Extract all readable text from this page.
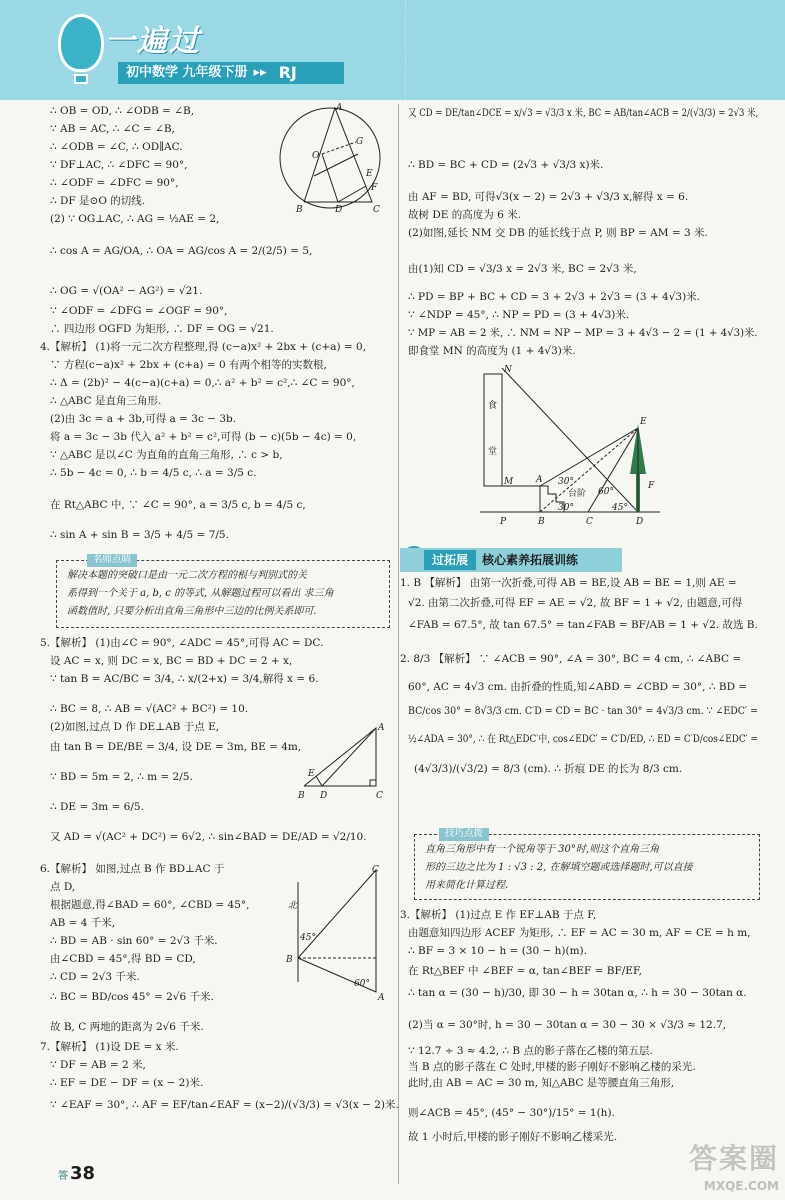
一遍过
初中数学 九年级下册 ▸▸ RJ
∴ OB = OD, ∴ ∠ODB = ∠B,
∵ AB = AC, ∴ ∠C = ∠B,
∴ ∠ODB = ∠C, ∴ OD∥AC.
∵ DF⊥AC, ∴ ∠DFC = 90°,
∴ ∠ODF = ∠DFC = 90°,
∴ DF 是⊙O 的切线.
(2) ∵ OG⊥AC, ∴ AG = ½AE = 2,
∴ cos A = AG/OA, ∴ OA = AG/cos A = 2/(2/5) = 5,
∴ OG = √(OA² − AG²) = √21.
∵ ∠ODF = ∠DFG = ∠OGF = 90°,
∴ 四边形 OGFD 为矩形, ∴ DF = OG = √21.
4.【解析】 (1)将一元二次方程整理,得 (c−a)x² + 2bx + (c+a) = 0,
∵ 方程(c−a)x² + 2bx + (c+a) = 0 有两个相等的实数根,
∴ Δ = (2b)² − 4(c−a)(c+a) = 0,∴ a² + b² = c²,∴ ∠C = 90°,
∴ △ABC 是直角三角形.
(2)由 3c = a + 3b,可得 a = 3c − 3b.
将 a = 3c − 3b 代入 a² + b² = c²,可得 (b − c)(5b − 4c) = 0,
∵ △ABC 是以∠C 为直角的直角三角形, ∴ c > b,
∴ 5b − 4c = 0, ∴ b = 4/5 c, ∴ a = 3/5 c.
在 Rt△ABC 中, ∵ ∠C = 90°, a = 3/5 c, b = 4/5 c,
∴ sin A + sin B = 3/5 + 4/5 = 7/5.
5.【解析】 (1)由∠C = 90°, ∠ADC = 45°,可得 AC = DC.
设 AC = x, 则 DC = x, BC = BD + DC = 2 + x,
∵ tan B = AC/BC = 3/4, ∴ x/(2+x) = 3/4,解得 x = 6.
∴ BC = 8, ∴ AB = √(AC² + BC²) = 10.
(2)如图,过点 D 作 DE⊥AB 于点 E,
由 tan B = DE/BE = 3/4, 设 DE = 3m, BE = 4m,
∵ BD = 5m = 2, ∴ m = 2/5.
∴ DE = 3m = 6/5.
又 AD = √(AC² + DC²) = 6√2, ∴ sin∠BAD = DE/AD = √2/10.
6.【解析】 如图,过点 B 作 BD⊥AC 于
点 D,
根据题意,得∠BAD = 60°, ∠CBD = 45°,
AB = 4 千米,
∴ BD = AB · sin 60° = 2√3 千米.
由∠CBD = 45°,得 BD = CD,
∴ CD = 2√3 千米.
∴ BC = BD/cos 45° = 2√6 千米.
故 B, C 两地的距离为 2√6 千米.
7.【解析】 (1)设 DE = x 米.
∵ DF = AB = 2 米,
∴ EF = DE − DF = (x − 2)米.
∵ ∠EAF = 30°, ∴ AF = EF/tan∠EAF = (x−2)/(√3/3) = √3(x − 2)米.
名师点睛
解决本题的突破口是由一元二次方程的根与判别式的关
系得到一个关于 a, b, c 的等式, 从解题过程可以看出 求三角
函数值时, 只要分析出直角三角形中三边的比例关系即可.
A
O
G
E
F
B	D	C
A
E
B D	C
北
C
45°
B
60°
A
又 CD = DE/tan∠DCE = x/√3 = √3/3 x 米, BC = AB/tan∠ACB = 2/(√3/3) = 2√3 米,
∴ BD = BC + CD = (2√3 + √3/3 x)米.
由 AF = BD, 可得√3(x − 2) = 2√3 + √3/3 x,解得 x = 6.
故树 DE 的高度为 6 米.
(2)如图,延长 NM 交 DB 的延长线于点 P, 则 BP = AM = 3 米.
由(1)知 CD = √3/3 x = 2√3 米, BC = 2√3 米,
∴ PD = BP + BC + CD = 3 + 2√3 + 2√3 = (3 + 4√3)米.
∵ ∠NDP = 45°, ∴ NP = PD = (3 + 4√3)米.
∵ MP = AB = 2 米, ∴ NM = NP − MP = 3 + 4√3 − 2 = (1 + 4√3)米.
即食堂 MN 的高度为 (1 + 4√3)米.
1. B 【解析】 由第一次折叠,可得 AB = BE,设 AB = BE = 1,则 AE =
√2. 由第二次折叠,可得 EF = AE = √2, 故 BF = 1 + √2, 由题意,可得
∠FAB = 67.5°, 故 tan 67.5° = tan∠FAB = BF/AB = 1 + √2. 故选 B.
2. 8/3 【解析】 ∵ ∠ACB = 90°, ∠A = 30°, BC = 4 cm, ∴ ∠ABC =
60°, AC = 4√3 cm. 由折叠的性质,知∠ABD = ∠CBD = 30°, ∴ BD =
BC/cos 30° = 8√3/3 cm. C′D = CD = BC · tan 30° = 4√3/3 cm. ∵ ∠EDC′ =
½∠ADA = 30°, ∴ 在 Rt△EDC′中, cos∠EDC′ = C′D/ED, ∴ ED = C′D/cos∠EDC′ =
(4√3/3)/(√3/2) = 8/3 (cm). ∴ 折痕 DE 的长为 8/3 cm.
3.【解析】 (1)过点 E 作 EF⊥AB 于点 F,
由题意知四边形 ACEF 为矩形, ∴ EF = AC = 30 m, AF = CE = h m,
∴ BF = 3 × 10 − h = (30 − h)(m).
在 Rt△BEF 中 ∠BEF = α, tan∠BEF = BF/EF,
∴ tan α = (30 − h)/30, 即 30 − h = 30tan α, ∴ h = 30 − 30tan α.
(2)当 α = 30°时, h = 30 − 30tan α = 30 − 30 × √3/3 ≈ 12.7,
∵ 12.7 ÷ 3 ≈ 4.2, ∴ B 点的影子落在乙楼的第五层.
当 B 点的影子落在 C 处时,甲楼的影子刚好不影响乙楼的采光.
此时,由 AB = AC = 30 m, 知△ABC 是等腰直角三角形,
则∠ACB = 45°, (45° − 30°)/15° = 1(h).
故 1 小时后,甲楼的影子刚好不影响乙楼采光.
N
食
堂
M	A 30°
台阶 60°
E
F
30°	45°
P	B	C	D
过拓展	核心素养拓展训练
技巧点拨
直角三角形中有一个锐角等于 30°时,则这个直角三角
形的三边之比为 1 : √3 : 2, 在解填空题或选择题时,可以直接
用来简化计算过程.
答 38	答案圈
MXQE.COM
